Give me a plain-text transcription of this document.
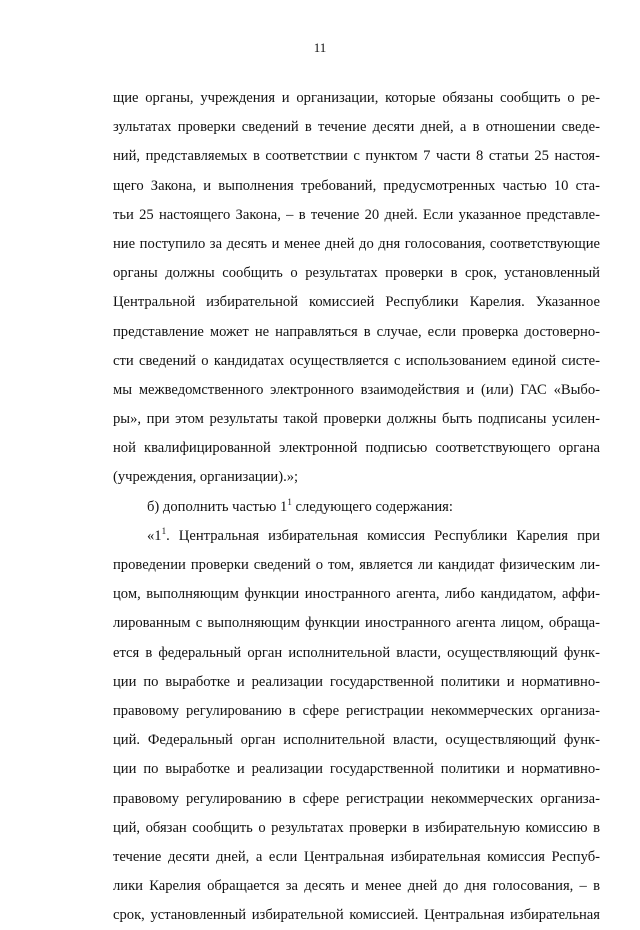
11
щие органы, учреждения и организации, которые обязаны сообщить о ре-
зультатах проверки сведений в течение десяти дней, а в отношении сведе-
ний, представляемых в соответствии с пунктом 7 части 8 статьи 25 настоя-
щего Закона, и выполнения требований, предусмотренных частью 10 ста-
тьи 25 настоящего Закона, – в течение 20 дней. Если указанное представле-
ние поступило за десять и менее дней до дня голосования, соответствующие
органы должны сообщить о результатах проверки в срок, установленный
Центральной избирательной комиссией Республики Карелия. Указанное
представление может не направляться в случае, если проверка достоверно-
сти сведений о кандидатах осуществляется с использованием единой систе-
мы межведомственного электронного взаимодействия и (или) ГАС «Выбо-
ры», при этом результаты такой проверки должны быть подписаны усилен-
ной квалифицированной электронной подписью соответствующего органа
(учреждения, организации).»;
б) дополнить частью $1^1$ следующего содержания:
«$1^1$. Центральная избирательная комиссия Республики Карелия при
проведении проверки сведений о том, является ли кандидат физическим ли-
цом, выполняющим функции иностранного агента, либо кандидатом, аффи-
лированным с выполняющим функции иностранного агента лицом, обраща-
ется в федеральный орган исполнительной власти, осуществляющий функ-
ции по выработке и реализации государственной политики и нормативно-
правовому регулированию в сфере регистрации некоммерческих организа-
ций. Федеральный орган исполнительной власти, осуществляющий функ-
ции по выработке и реализации государственной политики и нормативно-
правовому регулированию в сфере регистрации некоммерческих организа-
ций, обязан сообщить о результатах проверки в избирательную комиссию в
течение десяти дней, а если Центральная избирательная комиссия Респуб-
лики Карелия обращается за десять и менее дней до дня голосования, – в
срок, установленный избирательной комиссией. Центральная избирательная
